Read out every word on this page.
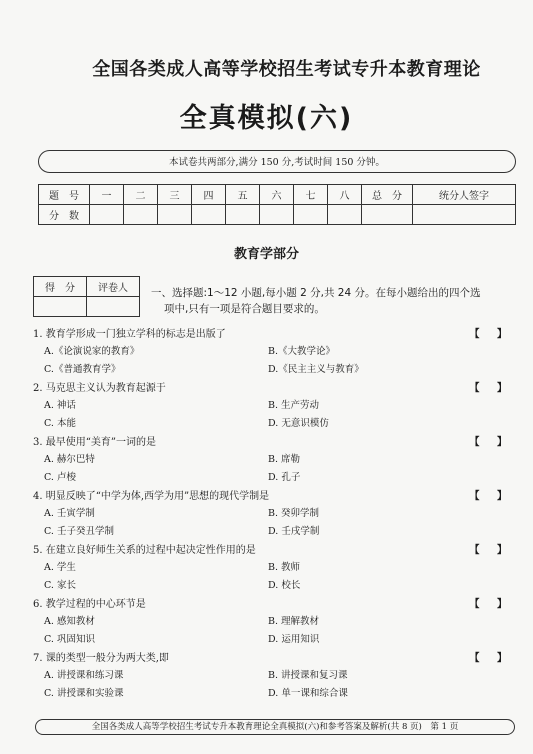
全国各类成人高等学校招生考试专升本教育理论
全真模拟(六)
本试卷共两部分,满分 150 分,考试时间 150 分钟。
题　号	一	二	三	四	五	六	七	八	总　分	统分人签字
分　数										
教育学部分
得　分	评卷人
	一、选择题:1～12 小题,每小题 2 分,共 24 分。在每小题给出的四个选
项中,只有一项是符合题目要求的。
1. 教育学形成一门独立学科的标志是出版了	【 】
A.《论演说家的教育》	B.《大教学论》
C.《普通教育学》	D.《民主主义与教育》
2. 马克思主义认为教育起源于	【 】
A. 神话	B. 生产劳动
C. 本能	D. 无意识模仿
3. 最早使用“美育”一词的是	【 】
A. 赫尔巴特	B. 席勒
C. 卢梭	D. 孔子
4. 明显反映了“中学为体,西学为用”思想的现代学制是	【 】
A. 壬寅学制	B. 癸卯学制
C. 壬子癸丑学制	D. 壬戌学制
5. 在建立良好师生关系的过程中起决定性作用的是	【 】
A. 学生	B. 教师
C. 家长	D. 校长
6. 教学过程的中心环节是	【 】
A. 感知教材	B. 理解教材
C. 巩固知识	D. 运用知识
7. 课的类型一般分为两大类,即	【 】
A. 讲授课和练习课	B. 讲授课和复习课
C. 讲授课和实验课	D. 单一课和综合课
全国各类成人高等学校招生考试专升本教育理论全真模拟(六)和参考答案及解析(共 8 页)　第 1 页
